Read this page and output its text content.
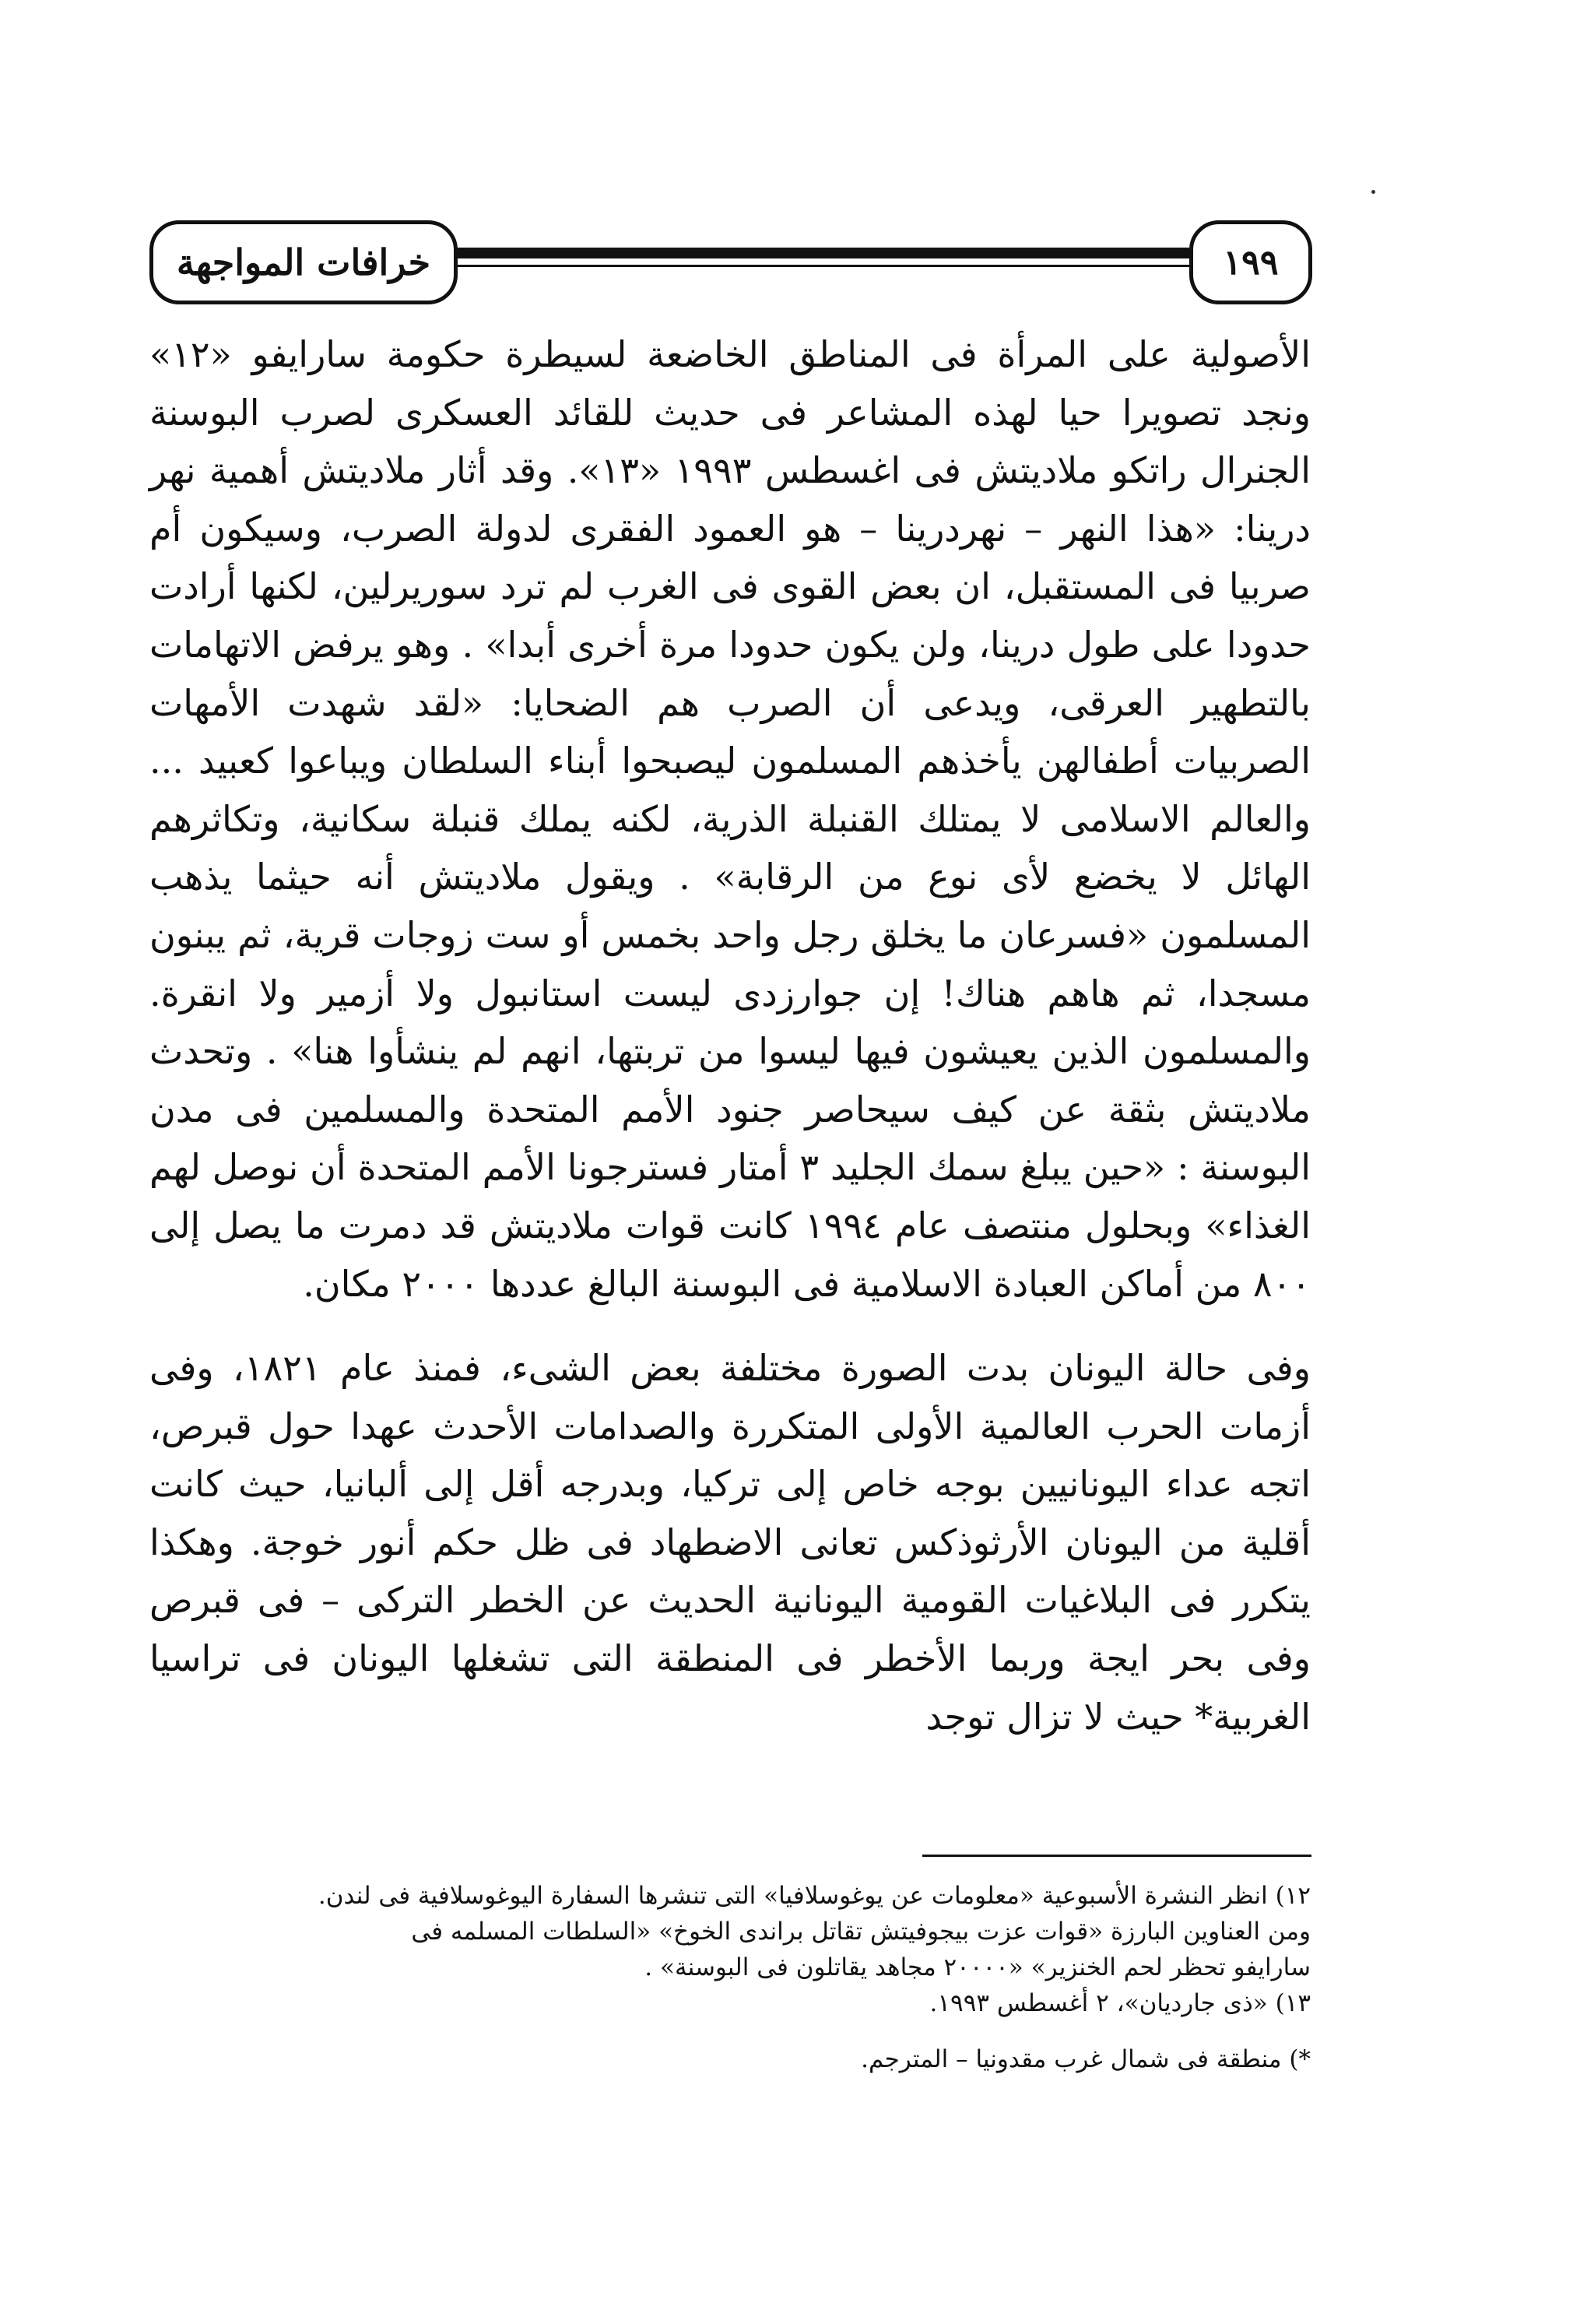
١٩٩
خرافات المواجهة

الأصولية على المرأة فى المناطق الخاضعة لسيطرة حكومة سارايفو «١٢» ونجد تصويرا حيا لهذه المشاعر فى حديث للقائد العسكرى لصرب البوسنة الجنرال راتكو ملاديتش فى اغسطس ١٩٩٣ «١٣». وقد أثار ملاديتش أهمية نهر درينا: «هذا النهر – نهردرينا – هو العمود الفقرى لدولة الصرب، وسيكون أم صربيا فى المستقبل، ان بعض القوى فى الغرب لم ترد سوريرلين، لكنها أرادت حدودا على طول درينا، ولن يكون حدودا مرة أخرى أبدا» . وهو يرفض الاتهامات بالتطهير العرقى، ويدعى أن الصرب هم الضحايا: «لقد شهدت الأمهات الصربيات أطفالهن يأخذهم المسلمون ليصبحوا أبناء السلطان ويباعوا كعبيد ... والعالم الاسلامى لا يمتلك القنبلة الذرية، لكنه يملك قنبلة سكانية، وتكاثرهم الهائل لا يخضع لأى نوع من الرقابة» . ويقول ملاديتش أنه حيثما يذهب المسلمون «فسرعان ما يخلق رجل واحد بخمس أو ست زوجات قرية، ثم يبنون مسجدا، ثم هاهم هناك! إن جوارزدى ليست استانبول ولا أزمير ولا انقرة. والمسلمون الذين يعيشون فيها ليسوا من تربتها، انهم لم ينشأوا هنا» . وتحدث ملاديتش بثقة عن كيف سيحاصر جنود الأمم المتحدة والمسلمين فى مدن البوسنة : «حين يبلغ سمك الجليد ٣ أمتار فسترجونا الأمم المتحدة أن نوصل لهم الغذاء» وبحلول منتصف عام ١٩٩٤ كانت قوات ملاديتش قد دمرت ما يصل إلى ٨٠٠ من أماكن العبادة الاسلامية فى البوسنة البالغ عددها ٢٠٠٠ مكان.

وفى حالة اليونان بدت الصورة مختلفة بعض الشىء، فمنذ عام ١٨٢١، وفى أزمات الحرب العالمية الأولى المتكررة والصدامات الأحدث عهدا حول قبرص، اتجه عداء اليونانيين بوجه خاص إلى تركيا، وبدرجه أقل إلى ألبانيا، حيث كانت أقلية من اليونان الأرثوذكس تعانى الاضطهاد فى ظل حكم أنور خوجة. وهكذا يتكرر فى البلاغيات القومية اليونانية الحديث عن الخطر التركى – فى قبرص وفى بحر ايجة وربما الأخطر فى المنطقة التى تشغلها اليونان فى تراسيا الغربية* حيث لا تزال توجد

١٢) انظر النشرة الأسبوعية «معلومات عن يوغوسلافيا» التى تنشرها السفارة اليوغوسلافية فى لندن.

ومن العناوين البارزة «قوات عزت بيجوفيتش تقاتل براندى الخوخ» «السلطات المسلمه فى

سارايفو تحظر لحم الخنزير» «٢٠٠٠٠ مجاهد يقاتلون فى البوسنة» .

١٣) «ذى جارديان»، ٢ أغسطس ١٩٩٣.

*) منطقة فى شمال غرب مقدونيا – المترجم.
